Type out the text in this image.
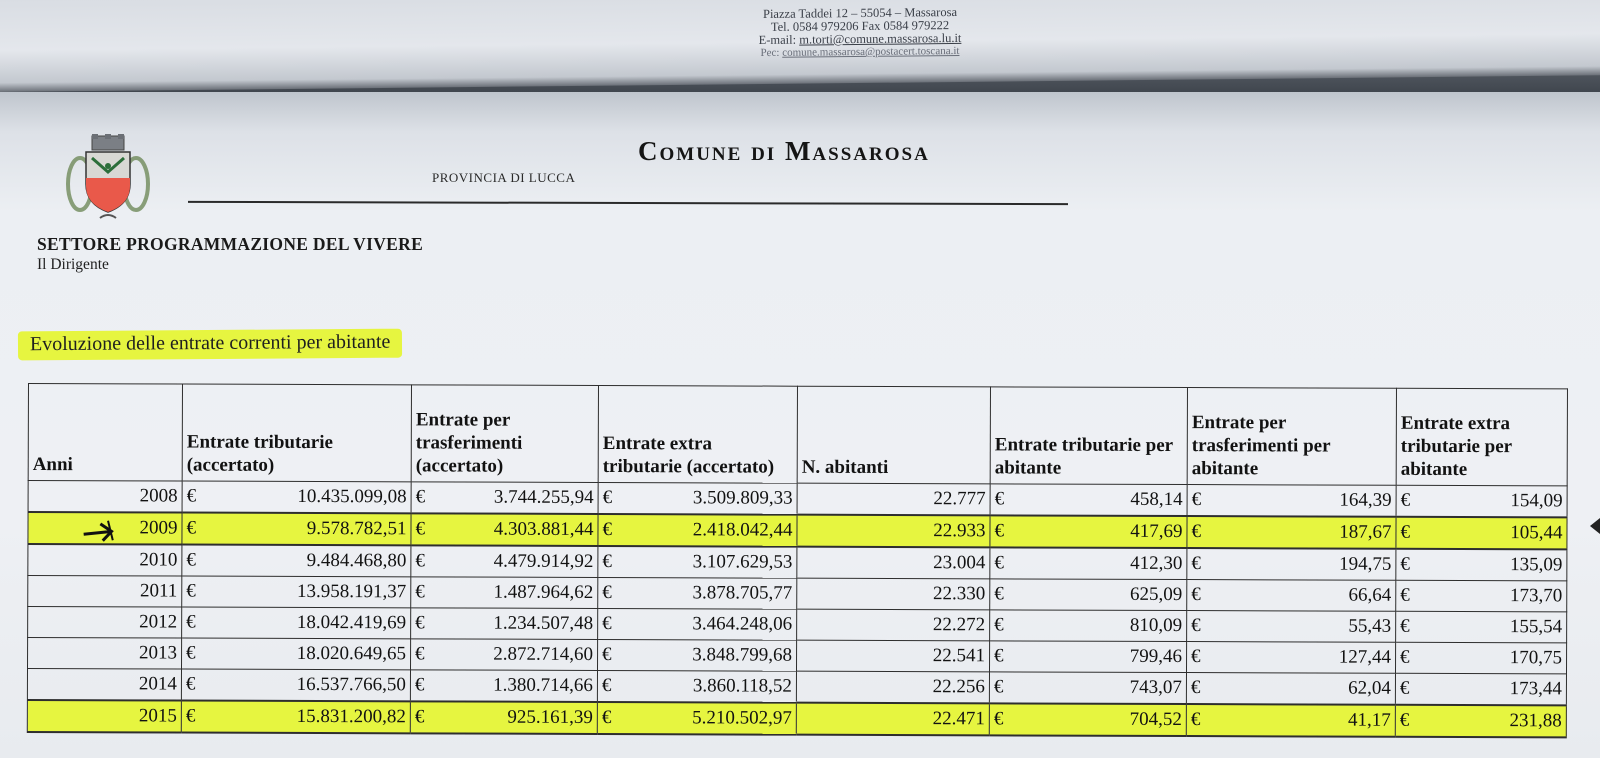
Piazza Taddei 12 – 55054 – Massarosa
Tel. 0584 979206 Fax 0584 979222
E-mail: m.torti@comune.massarosa.lu.it
Pec: comune.massarosa@postacert.toscana.it
Comune di Massarosa
PROVINCIA DI LUCCA
SETTORE PROGRAMMAZIONE DEL VIVERE
Il Dirigente
Evoluzione delle entrate correnti per abitante
Anni	Entrate tributarie (accertato)	Entrate per trasferimenti (accertato)	Entrate extra tributarie (accertato)	N. abitanti	Entrate tributarie per abitante	Entrate per trasferimenti per abitante	Entrate extra tributarie per abitante
2008	€ 10.435.099,08	€ 3.744.255,94	€ 3.509.809,33	22.777	€ 458,14	€ 164,39	€ 154,09
2009	€ 9.578.782,51	€ 4.303.881,44	€ 2.418.042,44	22.933	€ 417,69	€ 187,67	€ 105,44
2010	€ 9.484.468,80	€ 4.479.914,92	€ 3.107.629,53	23.004	€ 412,30	€ 194,75	€ 135,09
2011	€ 13.958.191,37	€ 1.487.964,62	€ 3.878.705,77	22.330	€ 625,09	€ 66,64	€ 173,70
2012	€ 18.042.419,69	€ 1.234.507,48	€ 3.464.248,06	22.272	€ 810,09	€ 55,43	€ 155,54
2013	€ 18.020.649,65	€ 2.872.714,60	€ 3.848.799,68	22.541	€ 799,46	€ 127,44	€ 170,75
2014	€ 16.537.766,50	€ 1.380.714,66	€ 3.860.118,52	22.256	€ 743,07	€ 62,04	€ 173,44
2015	€ 15.831.200,82	€ 925.161,39	€ 5.210.502,97	22.471	€ 704,52	€ 41,17	€ 231,88
